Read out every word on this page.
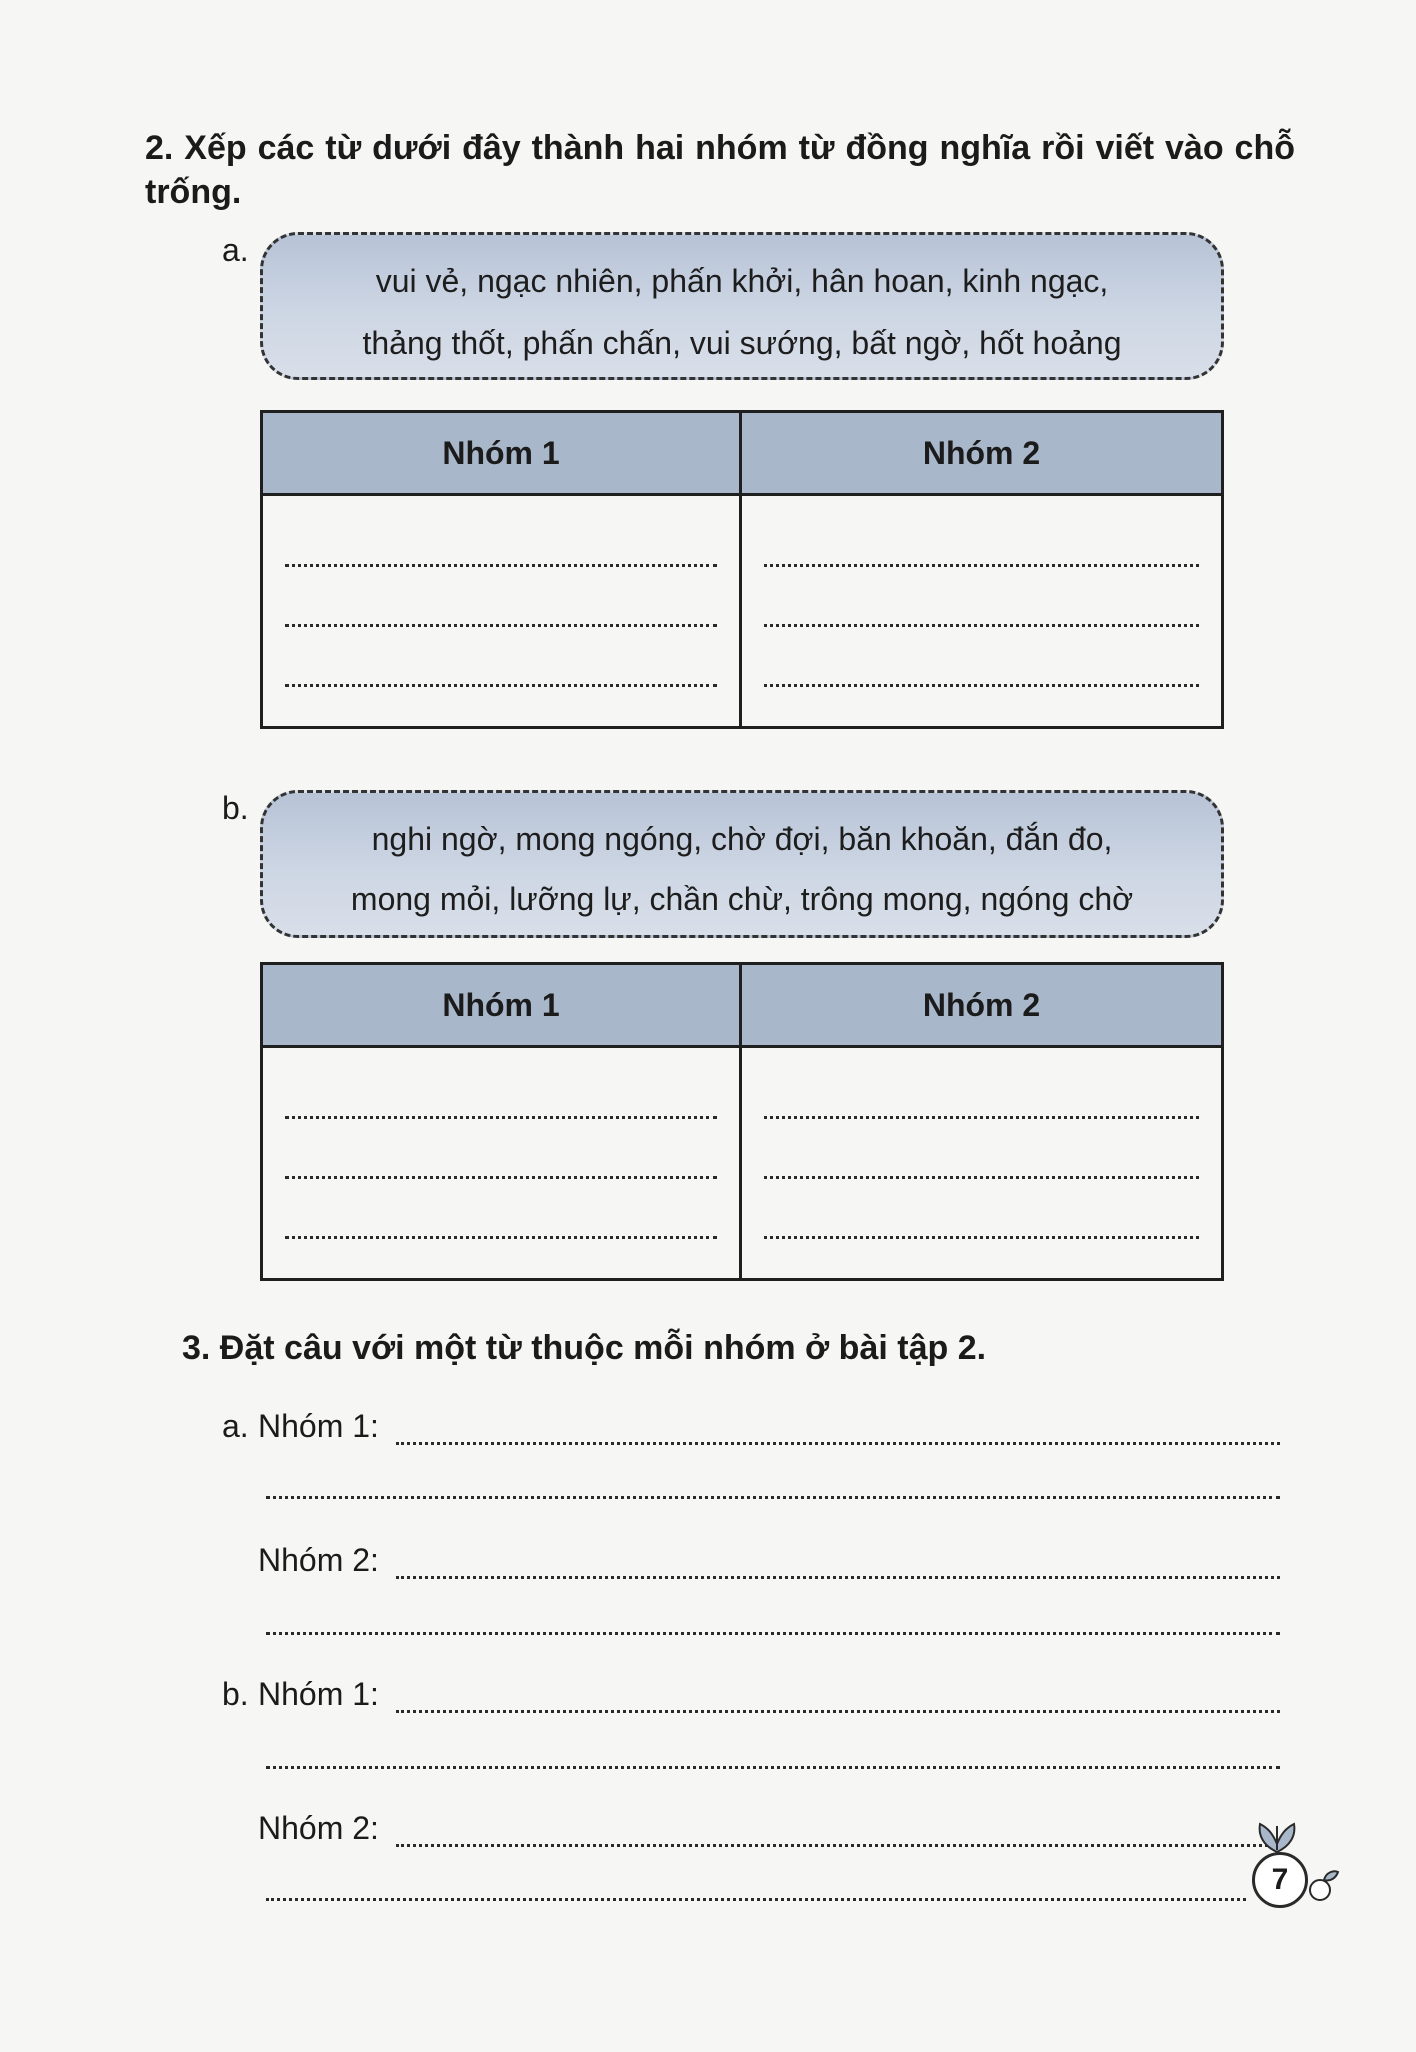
2. Xếp các từ dưới đây thành hai nhóm từ đồng nghĩa rồi viết vào chỗ trống.
a.
vui vẻ, ngạc nhiên, phấn khởi, hân hoan, kinh ngạc,
thảng thốt, phấn chấn, vui sướng, bất ngờ, hốt hoảng
Nhóm 1	Nhóm 2
b.
nghi ngờ, mong ngóng, chờ đợi, băn khoăn, đắn đo,
mong mỏi, lưỡng lự, chần chừ, trông mong, ngóng chờ
Nhóm 1	Nhóm 2
3. Đặt câu với một từ thuộc mỗi nhóm ở bài tập 2.
a. Nhóm 1:
Nhóm 2:
b. Nhóm 1:
Nhóm 2:
7
